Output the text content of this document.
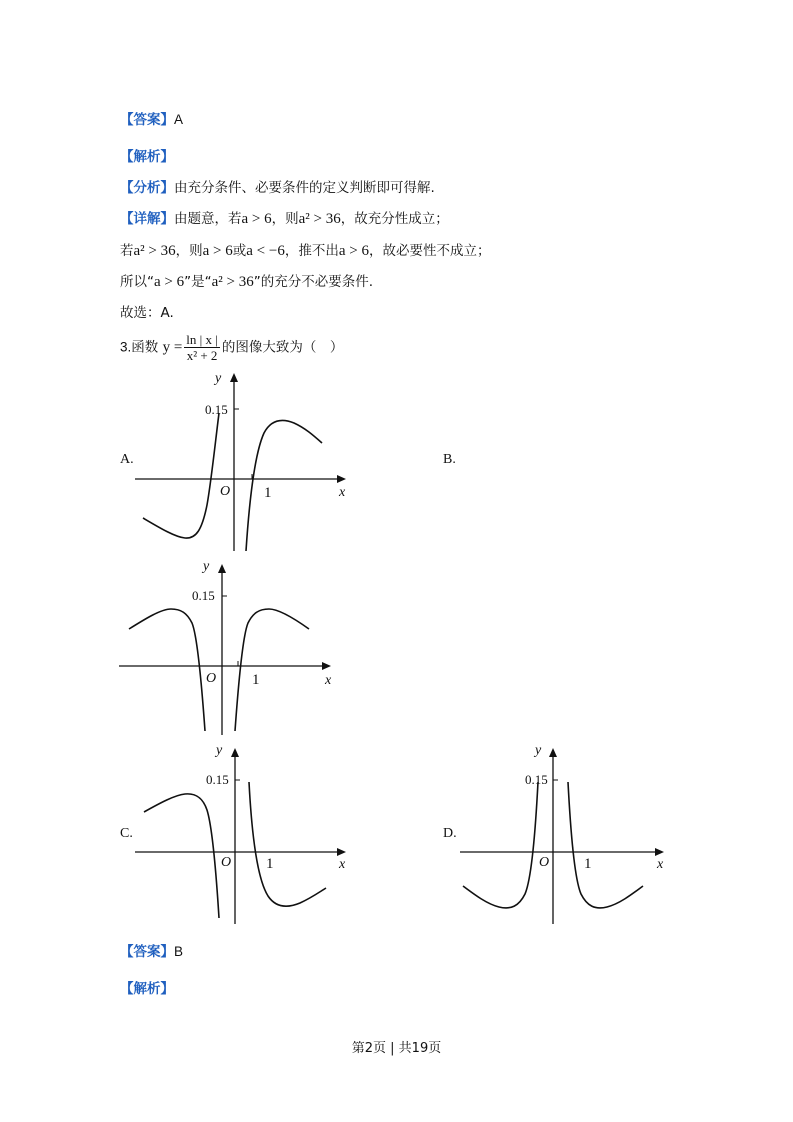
【答案】A
【解析】
【分析】由充分条件、必要条件的定义判断即可得解.
【详解】由题意，若a > 6，则a² > 36，故充分性成立；
若a² > 36，则a > 6或a < −6，推不出a > 6，故必要性不成立；
所以“a > 6”是“a² > 36”的充分不必要条件.
故选：A.
3.函数 $y = \frac{\ln | x |}{\text{x² + 2}}$ 的图像大致为（　）
A.	B.
C.	D.
y
x
O 1
0.15
y
x
O 1
0.15
y
x
O 1
0.15
y
x
O 1
0.15
【答案】B
【解析】
第2页 | 共19页
